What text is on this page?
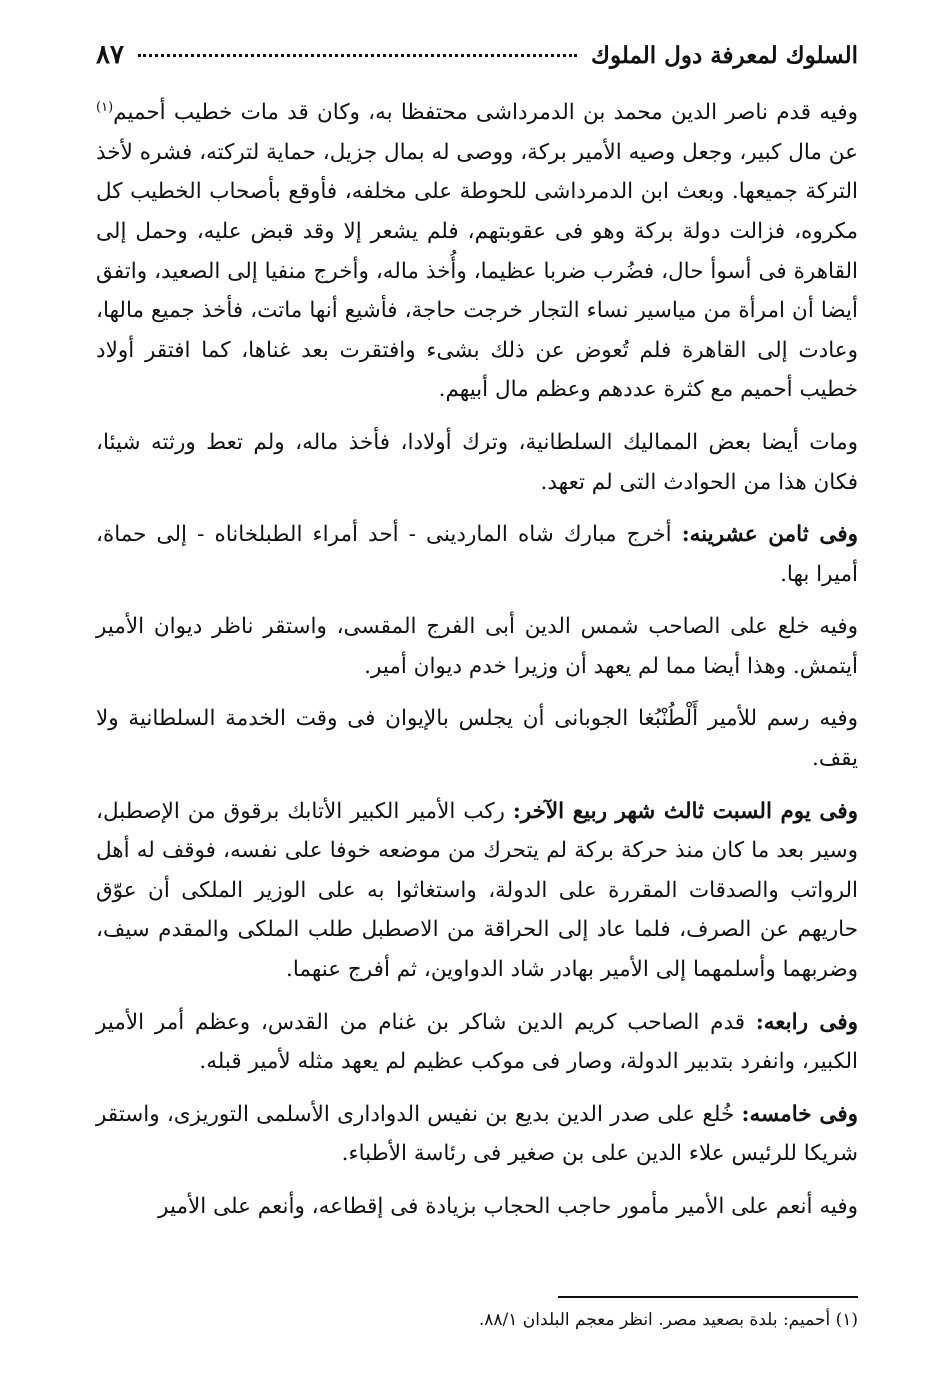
السلوك لمعرفة دول الملوك
٨٧

وفيه قدم ناصر الدين محمد بن الدمرداشى محتفظا به، وكان قد مات خطيب أحميم$^{(١)}$ عن مال كبير، وجعل وصيه الأمير بركة، ووصى له بمال جزيل، حماية لتركته، فشره لأخذ التركة جميعها. وبعث ابن الدمرداشى للحوطة على مخلفه، فأوقع بأصحاب الخطيب كل مكروه، فزالت دولة بركة وهو فى عقوبتهم، فلم يشعر إلا وقد قبض عليه، وحمل إلى القاهرة فى أسوأ حال، فضُرب ضربا عظيما، وأُخذ ماله، وأخرج منفيا إلى الصعيد، واتفق أيضا أن امرأة من مياسير نساء التجار خرجت حاجة، فأشيع أنها ماتت، فأخذ جميع مالها، وعادت إلى القاهرة فلم تُعوض عن ذلك بشىء وافتقرت بعد غناها، كما افتقر أولاد خطيب أحميم مع كثرة عددهم وعظم مال أبيهم.

ومات أيضا بعض المماليك السلطانية، وترك أولادا، فأخذ ماله، ولم تعط ورثته شيئا، فكان هذا من الحوادث التى لم تعهد.

وفى ثامن عشرينه: أخرج مبارك شاه الماردينى - أحد أمراء الطبلخاناه - إلى حماة، أميرا بها.

وفيه خلع على الصاحب شمس الدين أبى الفرج المقسى، واستقر ناظر ديوان الأمير أيتمش. وهذا أيضا مما لم يعهد أن وزيرا خدم ديوان أمير.

وفيه رسم للأمير أَلْطُنْبُغا الجوبانى أن يجلس بالإيوان فى وقت الخدمة السلطانية ولا يقف.

وفى يوم السبت ثالث شهر ربيع الآخر: ركب الأمير الكبير الأتابك برقوق من الإصطبل، وسير بعد ما كان منذ حركة بركة لم يتحرك من موضعه خوفا على نفسه، فوقف له أهل الرواتب والصدقات المقررة على الدولة، واستغاثوا به على الوزير الملكى أن عوّق حاريهم عن الصرف، فلما عاد إلى الحراقة من الاصطبل طلب الملكى والمقدم سيف، وضربهما وأسلمهما إلى الأمير بهادر شاد الدواوين، ثم أفرج عنهما.

وفى رابعه: قدم الصاحب كريم الدين شاكر بن غنام من القدس، وعظم أمر الأمير الكبير، وانفرد بتدبير الدولة، وصار فى موكب عظيم لم يعهد مثله لأمير قبله.

وفى خامسه: خُلع على صدر الدين بديع بن نفيس الدوادارى الأسلمى التوريزى، واستقر شريكا للرئيس علاء الدين على بن صغير فى رئاسة الأطباء.

وفيه أنعم على الأمير مأمور حاجب الحجاب بزيادة فى إقطاعه، وأنعم على الأمير

(١) أحميم: بلدة بصعيد مصر. انظر معجم البلدان ٨٨/١.
